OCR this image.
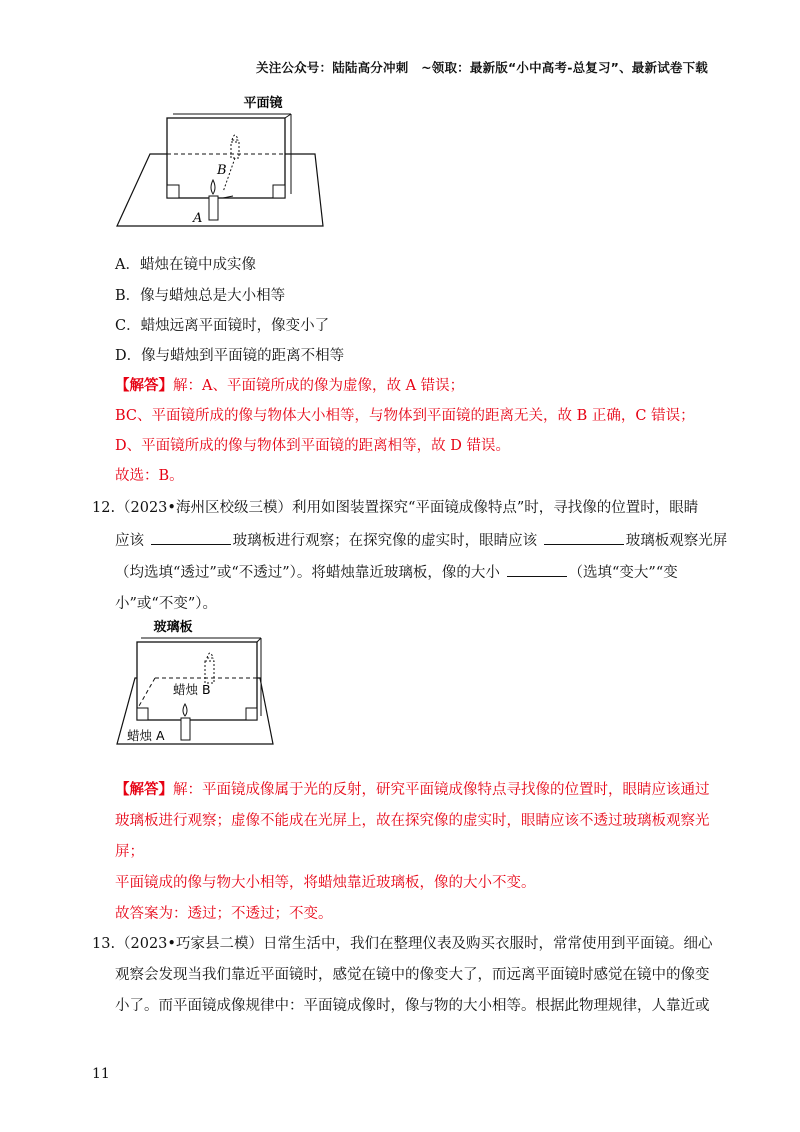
关注公众号：陆陆高分冲刺　~领取：最新版“小中高考-总复习”、最新试卷下载
平面镜
B
A
A．蜡烛在镜中成实像
B．像与蜡烛总是大小相等
C．蜡烛远离平面镜时，像变小了
D．像与蜡烛到平面镜的距离不相等
【解答】解：A、平面镜所成的像为虚像，故 A 错误；
BC、平面镜所成的像与物体大小相等，与物体到平面镜的距离无关，故 B 正确，C 错误；
D、平面镜所成的像与物体到平面镜的距离相等，故 D 错误。
故选：B。
12.（2023•海州区校级三模）利用如图装置探究“平面镜成像特点”时，寻找像的位置时，眼睛
应该	玻璃板进行观察；在探究像的虚实时，眼睛应该	玻璃板观察光屏
（均选填“透过”或“不透过”）。将蜡烛靠近玻璃板，像的大小	（选填“变大”“变
小”或“不变”）。
玻璃板
蜡烛 B
蜡烛 A
【解答】解：平面镜成像属于光的反射，研究平面镜成像特点寻找像的位置时，眼睛应该通过
玻璃板进行观察；虚像不能成在光屏上，故在探究像的虚实时，眼睛应该不透过玻璃板观察光
屏；
平面镜成的像与物大小相等，将蜡烛靠近玻璃板，像的大小不变。
故答案为：透过；不透过；不变。
13.（2023•巧家县二模）日常生活中，我们在整理仪表及购买衣服时，常常使用到平面镜。细心
观察会发现当我们靠近平面镜时，感觉在镜中的像变大了，而远离平面镜时感觉在镜中的像变
小了。而平面镜成像规律中：平面镜成像时，像与物的大小相等。根据此物理规律，人靠近或
11
